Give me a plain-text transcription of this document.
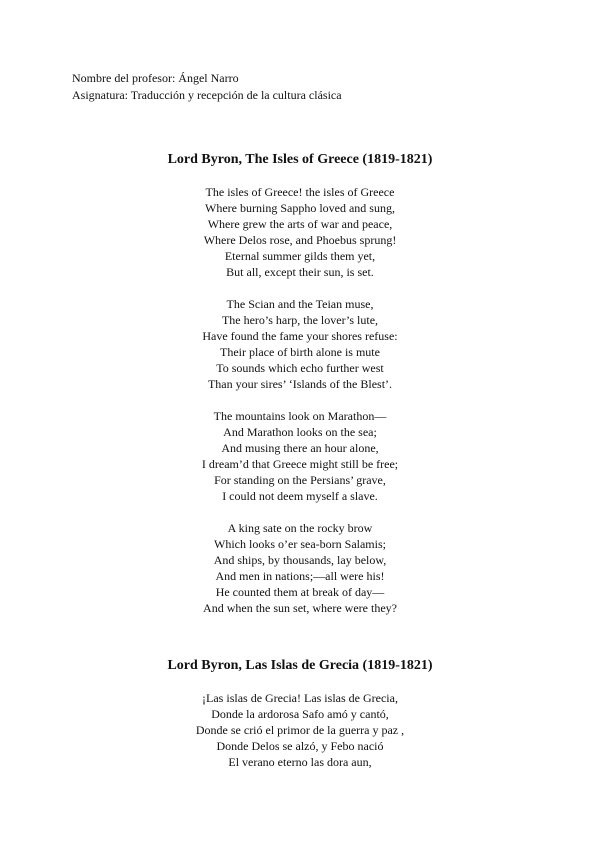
Nombre del profesor: Ángel Narro
Asignatura: Traducción y recepción de la cultura clásica
Lord Byron, The Isles of Greece (1819-1821)
The isles of Greece! the isles of Greece
Where burning Sappho loved and sung,
Where grew the arts of war and peace,
Where Delos rose, and Phoebus sprung!
Eternal summer gilds them yet,
But all, except their sun, is set.
The Scian and the Teian muse,
The hero’s harp, the lover’s lute,
Have found the fame your shores refuse:
Their place of birth alone is mute
To sounds which echo further west
Than your sires’ ‘Islands of the Blest’.
The mountains look on Marathon—
And Marathon looks on the sea;
And musing there an hour alone,
I dream’d that Greece might still be free;
For standing on the Persians’ grave,
I could not deem myself a slave.
A king sate on the rocky brow
Which looks o’er sea-born Salamis;
And ships, by thousands, lay below,
And men in nations;—all were his!
He counted them at break of day—
And when the sun set, where were they?
Lord Byron, Las Islas de Grecia (1819-1821)
¡Las islas de Grecia! Las islas de Grecia,
Donde la ardorosa Safo amó y cantó,
Donde se crió el primor de la guerra y paz ,
Donde Delos se alzó, y Febo nació
El verano eterno las dora aun,
